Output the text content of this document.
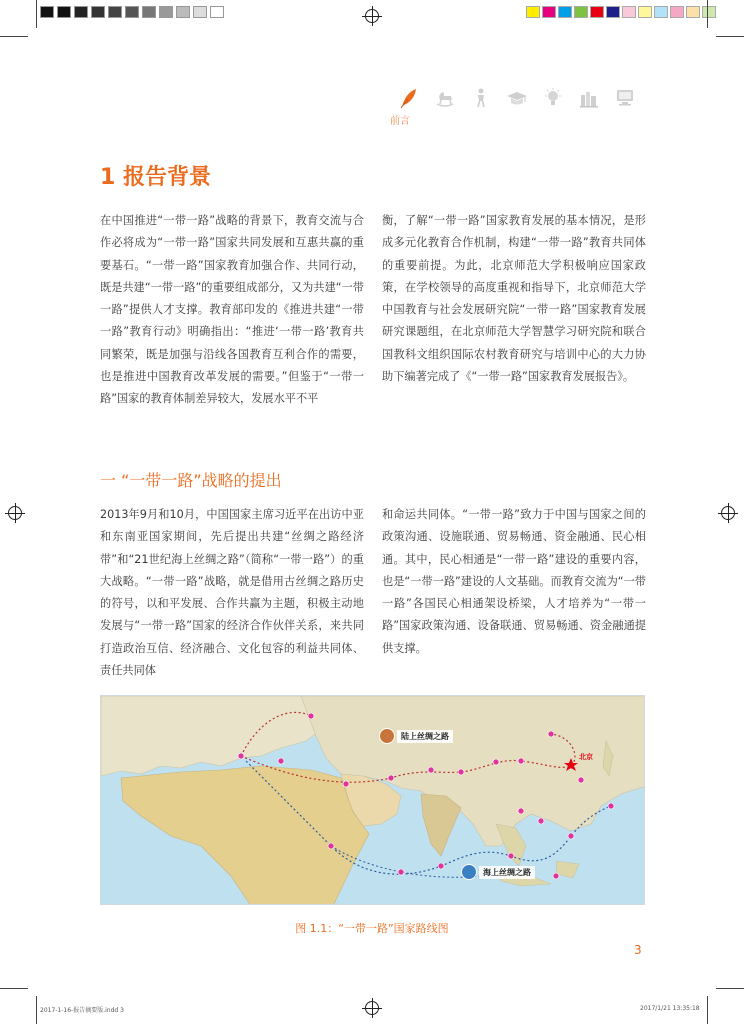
前言
1 报告背景

在中国推进“一带一路”战略的背景下，教育交流与合作必将成为“一带一路”国家共同发展和互惠共赢的重要基石。“一带一路”国家教育加强合作、共同行动，既是共建“一带一路”的重要组成部分，又为共建“一带一路”提供人才支撑。教育部印发的《推进共建“一带一路”教育行动》明确指出：“推进‘一带一路’教育共同繁荣，既是加强与沿线各国教育互利合作的需要，也是推进中国教育改革发展的需要。”但鉴于“一带一路”国家的教育体制差异较大，发展水平不平

衡，了解“一带一路”国家教育发展的基本情况，是形成多元化教育合作机制，构建“一带一路”教育共同体的重要前提。为此，北京师范大学积极响应国家政策，在学校领导的高度重视和指导下，北京师范大学中国教育与社会发展研究院“一带一路”国家教育发展研究课题组，在北京师范大学智慧学习研究院和联合国教科文组织国际农村教育研究与培训中心的大力协助下编著完成了《“一带一路”国家教育发展报告》。

一 “一带一路”战略的提出

2013年9月和10月，中国国家主席习近平在出访中亚和东南亚国家期间，先后提出共建“丝绸之路经济带”和“21世纪海上丝绸之路”（简称“一带一路”）的重大战略。“一带一路”战略，就是借用古丝绸之路历史的符号，以和平发展、合作共赢为主题，积极主动地发展与“一带一路”国家的经济合作伙伴关系，来共同打造政治互信、经济融合、文化包容的利益共同体、责任共同体

和命运共同体。“一带一路”致力于中国与国家之间的政策沟通、设施联通、贸易畅通、资金融通、民心相通。其中，民心相通是“一带一路”建设的重要内容，也是“一带一路”建设的人文基础。而教育交流为“一带一路”各国民心相通架设桥梁，人才培养为“一带一路”国家政策沟通、设备联通、贸易畅通、资金融通提供支撑。

陆上丝绸之路
海上丝绸之路
北京
图 1.1：“一带一路”国家路线图
3
2017-1-16-报告摘要版.indd 3	2017/1/21 13:35:18
